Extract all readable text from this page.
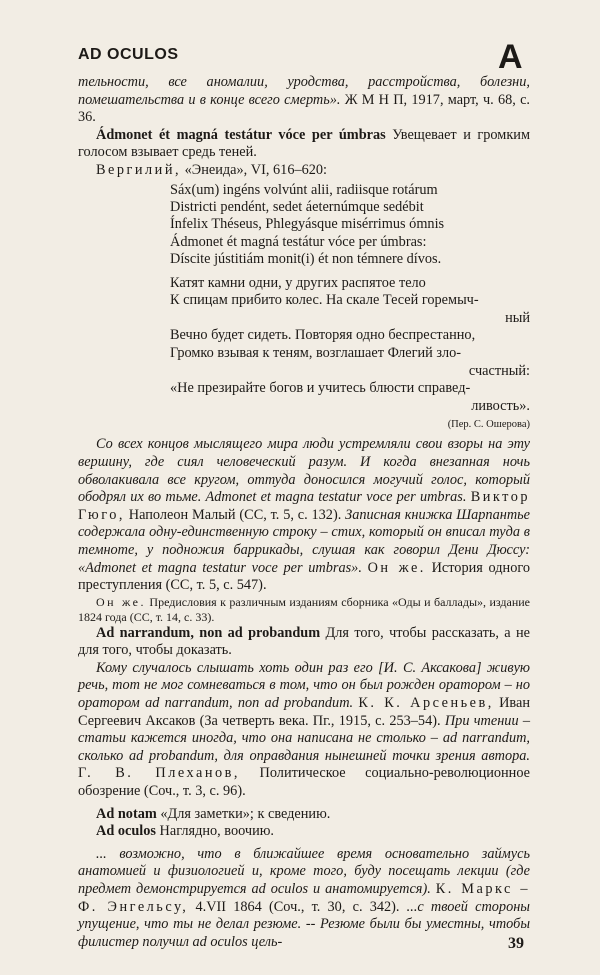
AD OCULOS	A

тельности, все аномалии, уродства, расстройства, болезни, помешательства и в конце всего смерть». Ж М Н П, 1917, март, ч. 68, с. 36.

Ádmonet ét magná testátur vóce per úmbras Увещевает и громким голосом взывает средь теней.

Вергилий, «Энеида», VI, 616–620:

Sáx(um) ingéns volvúnt alii, radiisque rotárum
Districti pendént, sedet áeternúmque sedébit
Ínfelix Théseus, Phlegyásque misérrimus ómnis
Ádmonet ét magná testátur vóce per úmbras:
Díscite jústitiám monit(i) ét non témnere dívos.
Катят камни одни, у других распятое тело
К спицам прибито колес. На скале Тесей горемыч-
ный
Вечно будет сидеть. Повторяя одно беспрестанно,
Громко взывая к теням, возглашает Флегий зло-
счастный:
«Не презирайте богов и учитесь блюсти справед-
ливость».
(Пер. С. Ошерова)

Со всех концов мыслящего мира люди устремляли свои взоры на эту вершину, где сиял человеческий разум. И когда внезапная ночь обволакивала все кругом, оттуда доносился могучий голос, который ободрял их во тьме. Admonet et magna testatur voce per umbras. Виктор Гюго, Наполеон Малый (СС, т. 5, с. 132). Записная книжка Шарпантье содержала одну-единственную строку – стих, который он вписал туда в темноте, у подножия баррикады, слушая как говорил Дени Дюссу: «Admonet et magna testatur voce per umbras». Он же. История одного преступления (СС, т. 5, с. 547).

Он же. Предисловия к различным изданиям сборника «Оды и баллады», издание 1824 года (СС, т. 14, с. 33).

Ad narrandum, non ad probandum Для того, чтобы рассказать, а не для того, чтобы доказать.

Кому случалось слышать хоть один раз его [И. С. Аксакова] живую речь, тот не мог сомневаться в том, что он был рожден оратором – но оратором ad narrandum, non ad probandum. К. К. Арсеньев, Иван Сергеевич Аксаков (За четверть века. Пг., 1915, с. 253–54). При чтении – статьи кажется иногда, что она написана не столько – ad narrandum, сколько ad probandum, для оправдания нынешней точки зрения автора. Г. В. Плеханов, Политическое социально-революционное обозрение (Соч., т. 3, с. 96).

Ad notam «Для заметки»; к сведению.

Ad oculos Наглядно, воочию.

... возможно, что в ближайшее время основательно займусь анатомией и физиологией и, кроме того, буду посещать лекции (где предмет демонстрируется ad oculos и анатомируется). К. Маркс – Ф. Энгельсу, 4.VII 1864 (Соч., т. 30, с. 342). ...с твоей стороны упущение, что ты не делал резюме. -- Резюме были бы уместны, чтобы филистер получил ad oculos цель-	39
